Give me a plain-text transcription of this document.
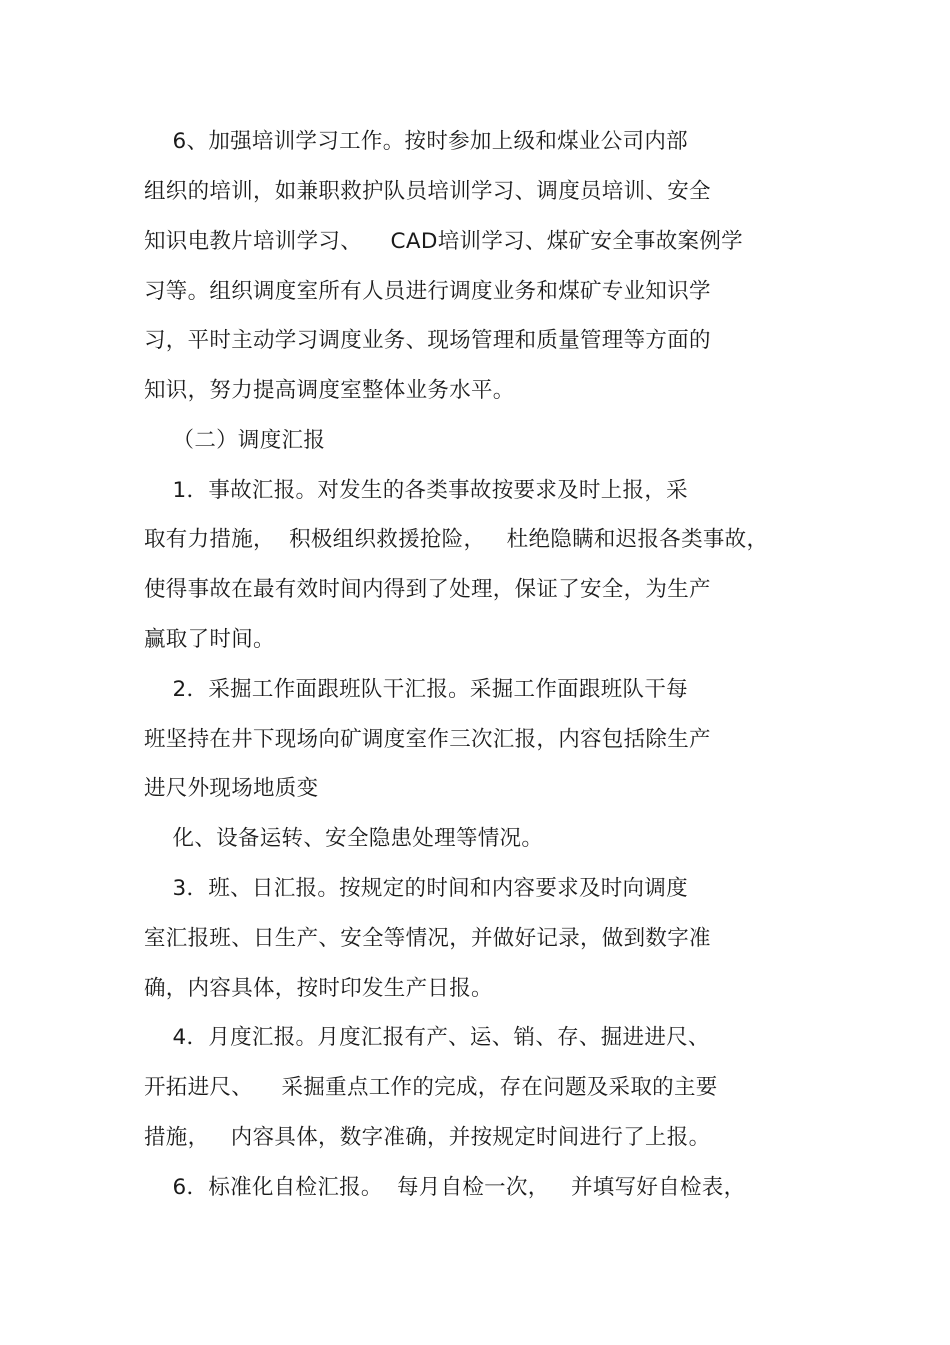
6、加强培训学习工作。按时参加上级和煤业公司内部
组织的培训，如兼职救护队员培训学习、调度员培训、安全
知识电教片培训学习、    CAD培训学习、煤矿安全事故案例学
习等。组织调度室所有人员进行调度业务和煤矿专业知识学
习，平时主动学习调度业务、现场管理和质量管理等方面的
知识，努力提高调度室整体业务水平。
（二）调度汇报
1．事故汇报。对发生的各类事故按要求及时上报，采
取有力措施，  积极组织救援抢险，   杜绝隐瞒和迟报各类事故，
使得事故在最有效时间内得到了处理，保证了安全，为生产
赢取了时间。
2．采掘工作面跟班队干汇报。采掘工作面跟班队干每
班坚持在井下现场向矿调度室作三次汇报，内容包括除生产
进尺外现场地质变
化、设备运转、安全隐患处理等情况。
3．班、日汇报。按规定的时间和内容要求及时向调度
室汇报班、日生产、安全等情况，并做好记录，做到数字准
确，内容具体，按时印发生产日报。
4．月度汇报。月度汇报有产、运、销、存、掘进进尺、
开拓进尺、    采掘重点工作的完成，存在问题及采取的主要
措施，   内容具体，数字准确，并按规定时间进行了上报。
6．标准化自检汇报。  每月自检一次，   并填写好自检表，
